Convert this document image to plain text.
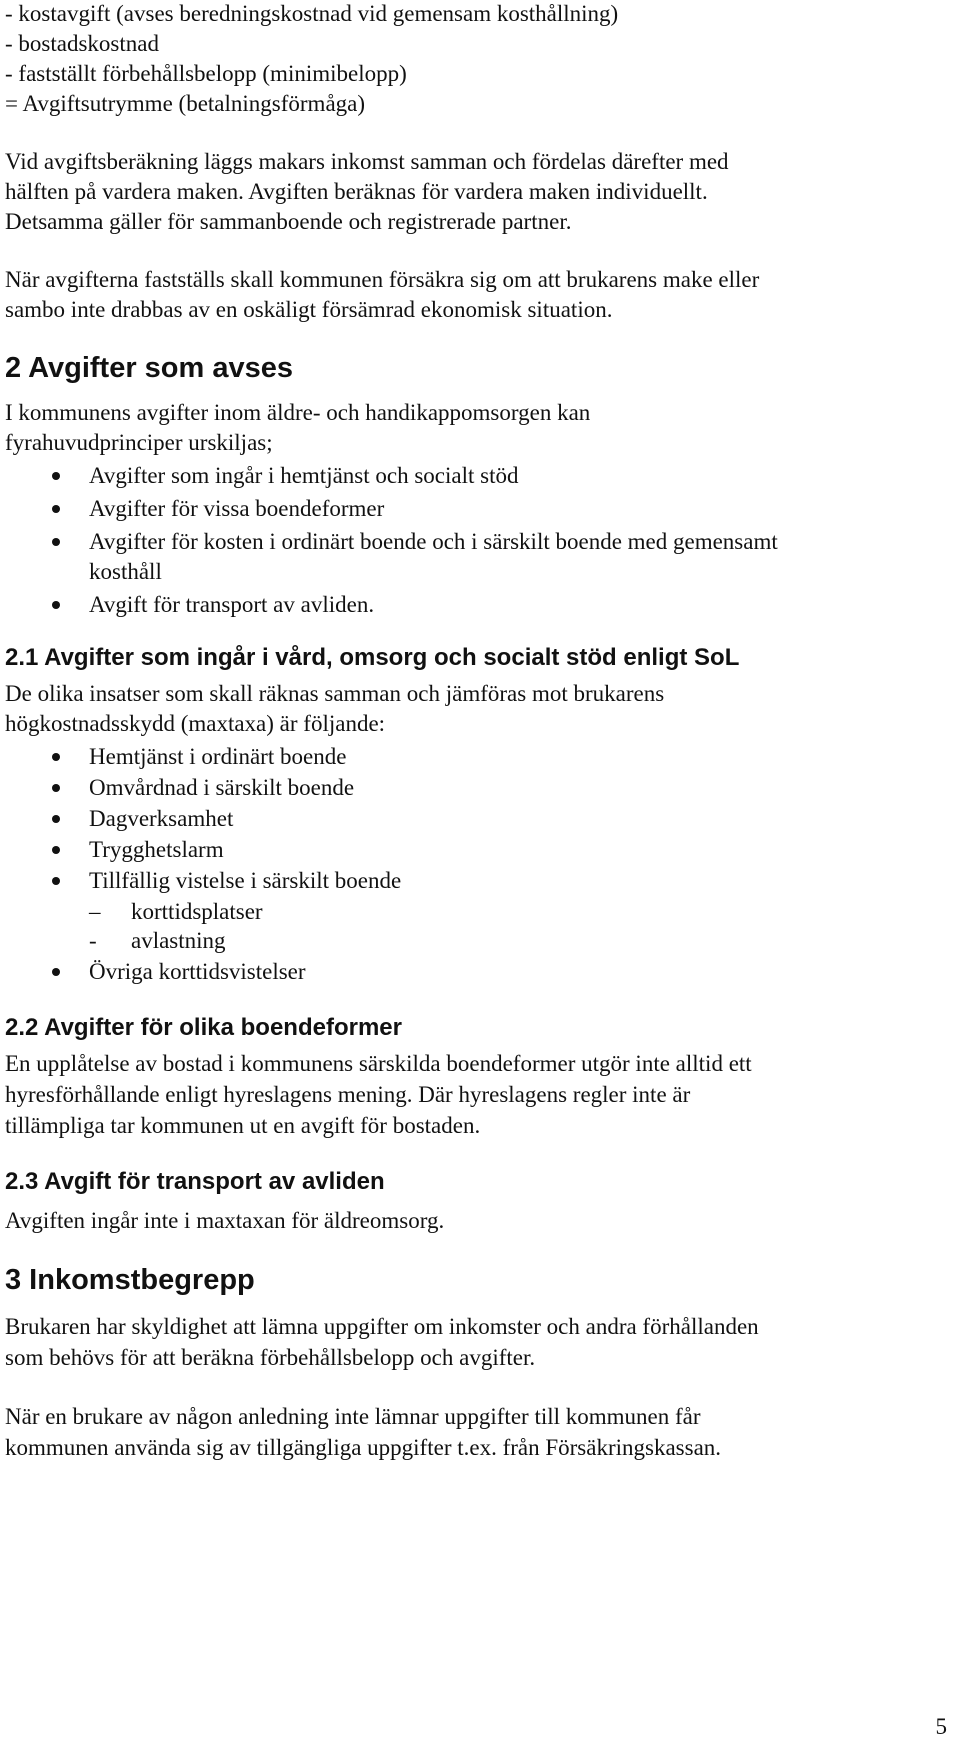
- kostavgift (avses beredningskostnad vid gemensam kosthållning)
- bostadskostnad
- fastställt förbehållsbelopp (minimibelopp)
= Avgiftsutrymme (betalningsförmåga)
Vid avgiftsberäkning läggs makars inkomst samman och fördelas därefter med
hälften på vardera maken. Avgiften beräknas för vardera maken individuellt.
Detsamma gäller för sammanboende och registrerade partner.
När avgifterna fastställs skall kommunen försäkra sig om att brukarens make eller
sambo inte drabbas av en oskäligt försämrad ekonomisk situation.
2 Avgifter som avses
I kommunens avgifter inom äldre- och handikappomsorgen kan
fyrahuvudprinciper urskiljas;
Avgifter som ingår i hemtjänst och socialt stöd
Avgifter för vissa boendeformer
Avgifter för kosten i ordinärt boende och i särskilt boende med gemensamt
kosthåll
Avgift för transport av avliden.
2.1 Avgifter som ingår i vård, omsorg och socialt stöd enligt SoL
De olika insatser som skall räknas samman och jämföras mot brukarens
högkostnadsskydd (maxtaxa) är följande:
Hemtjänst i ordinärt boende
Omvårdnad i särskilt boende
Dagverksamhet
Trygghetslarm
Tillfällig vistelse i särskilt boende
– korttidsplatser
- avlastning
Övriga korttidsvistelser
2.2 Avgifter för olika boendeformer
En upplåtelse av bostad i kommunens särskilda boendeformer utgör inte alltid ett
hyresförhållande enligt hyreslagens mening. Där hyreslagens regler inte är
tillämpliga tar kommunen ut en avgift för bostaden.
2.3 Avgift för transport av avliden
Avgiften ingår inte i maxtaxan för äldreomsorg.
3 Inkomstbegrepp
Brukaren har skyldighet att lämna uppgifter om inkomster och andra förhållanden
som behövs för att beräkna förbehållsbelopp och avgifter.
När en brukare av någon anledning inte lämnar uppgifter till kommunen får
kommunen använda sig av tillgängliga uppgifter t.ex. från Försäkringskassan.
5
